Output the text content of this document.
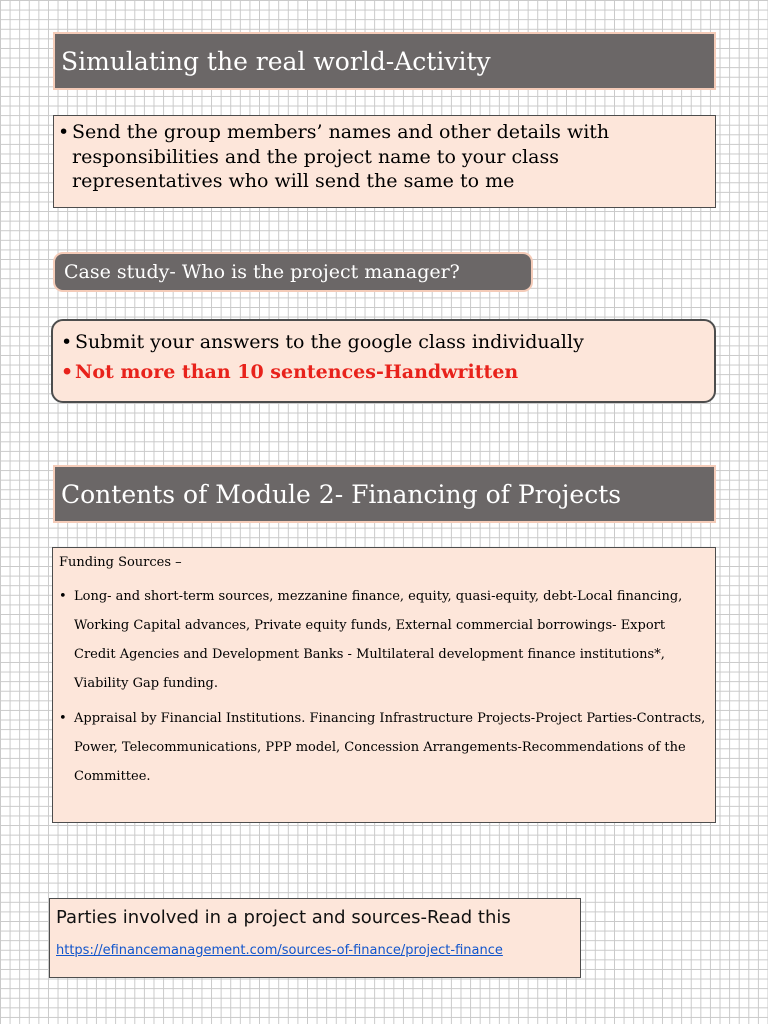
Simulating the real world-Activity
• Send the group members’ names and other details with responsibilities and the project name to your class representatives who will send the same to me
Case study- Who is the project manager?
• Submit your answers to the google class individually
• Not more than 10 sentences-Handwritten
Contents of Module 2- Financing of Projects
Funding Sources –
• Long- and short-term sources, mezzanine finance, equity, quasi-equity, debt-Local financing, Working Capital advances, Private equity funds, External commercial borrowings- Export Credit Agencies and Development Banks - Multilateral development finance institutions*, Viability Gap funding.
• Appraisal by Financial Institutions. Financing Infrastructure Projects-Project Parties-Contracts, Power, Telecommunications, PPP model, Concession Arrangements-Recommendations of the Committee.
Parties involved in a project and sources-Read this
https://efinancemanagement.com/sources-of-finance/project-finance
